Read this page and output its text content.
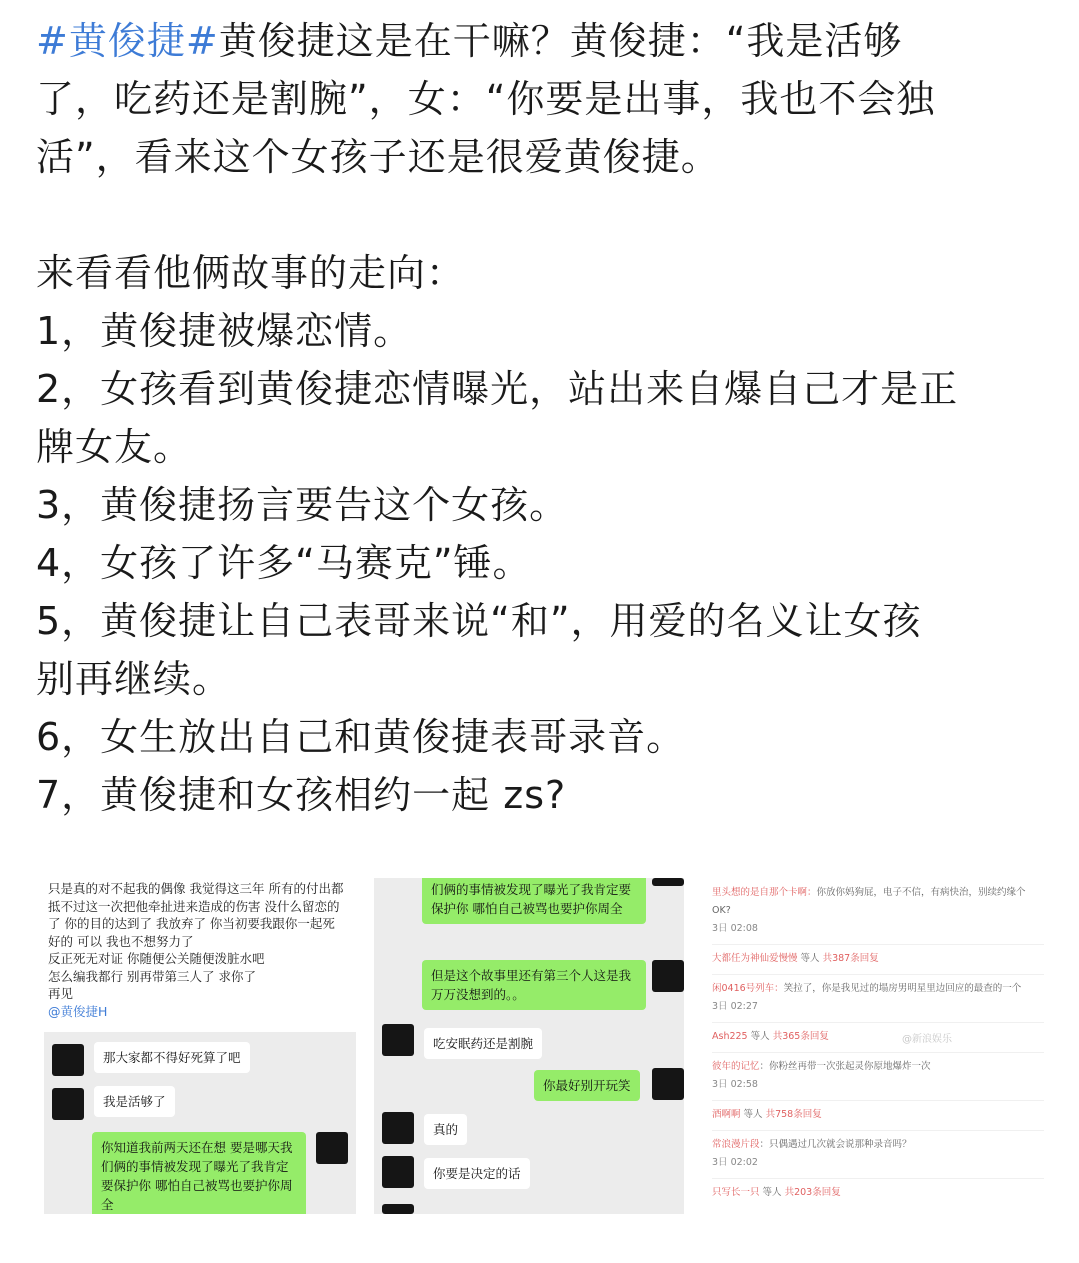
#黄俊捷#黄俊捷这是在干嘛？黄俊捷：“我是活够

了，吃药还是割腕”，女：“你要是出事，我也不会独

活”，看来这个女孩子还是很爱黄俊捷。

来看看他俩故事的走向：

1，黄俊捷被爆恋情。

2，女孩看到黄俊捷恋情曝光，站出来自爆自己才是正

牌女友。

3，黄俊捷扬言要告这个女孩。

4，女孩了许多“马赛克”锤。

5，黄俊捷让自己表哥来说“和”，用爱的名义让女孩

别再继续。

6，女生放出自己和黄俊捷表哥录音。

7，黄俊捷和女孩相约一起 zs?

只是真的对不起我的偶像 我觉得这三年 所有的付出都
抵不过这一次把他牵扯进来造成的伤害 没什么留恋的
了 你的目的达到了 我放弃了 你当初要我跟你一起死
好的 可以 我也不想努力了
反正死无对证 你随便公关随便泼脏水吧
怎么编我都行 别再带第三人了 求你了
再见
@黄俊捷H
那大家都不得好死算了吧
我是活够了
你知道我前两天还在想 要是哪天我们俩的事情被发现了曝光了我肯定要保护你 哪怕自己被骂也要护你周全
们俩的事情被发现了曝光了我肯定要保护你 哪怕自己被骂也要护你周全
但是这个故事里还有第三个人这是我万万没想到的。。
吃安眠药还是割腕
你最好别开玩笑
真的
你要是决定的话
里头想的是自那个卡啊：你放你妈狗屁，电子不信，有病快治，别续约缘个
OK?
3日 02:08
大都任为神仙爱慢慢 等人 共387条回复
闲0416号列车：笑拉了，你是我见过的塌房男明星里边回应的最查的一个
3日 02:27
Ash225 等人 共365条回复	@新浪娱乐
彼年的记忆：你粉丝再带一次张起灵你原地爆炸一次
3日 02:58
酒啊啊 等人 共758条回复
常浪漫片段：只偶遇过几次就会说那种录音吗？
3日 02:02
只写长一只 等人 共203条回复
